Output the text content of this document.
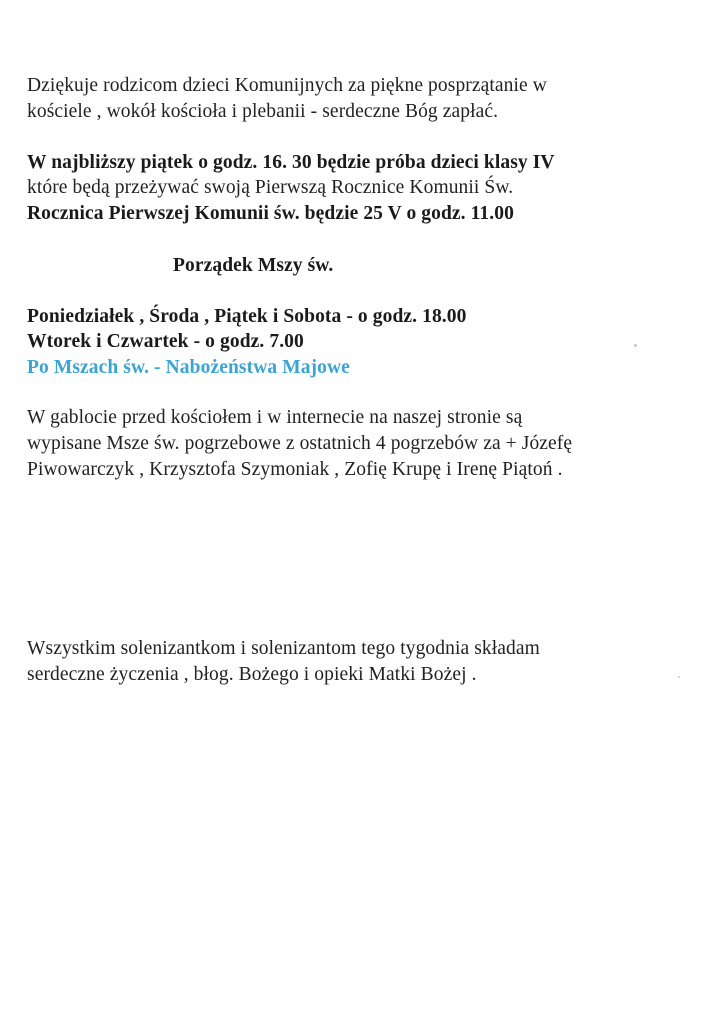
Dziękuje rodzicom dzieci Komunijnych za piękne posprzątanie w
kościele , wokół kościoła i plebanii - serdeczne Bóg zapłać.
W najbliższy piątek o godz. 16. 30 będzie próba dzieci klasy IV
które będą przeżywać swoją Pierwszą Rocznice Komunii Św.
Rocznica Pierwszej Komunii św. będzie 25 V o godz. 11.00
Porządek Mszy św.
Poniedziałek , Środa , Piątek i Sobota - o godz. 18.00
Wtorek i Czwartek - o godz. 7.00
Po Mszach św. - Nabożeństwa Majowe
W gablocie przed kościołem i w internecie na naszej stronie są
wypisane Msze św. pogrzebowe z ostatnich 4 pogrzebów za + Józefę
Piwowarczyk , Krzysztofa Szymoniak , Zofię Krupę i Irenę Piątoń .
Wszystkim solenizantkom i solenizantom tego tygodnia składam
serdeczne życzenia , błog. Bożego i opieki Matki Bożej .
